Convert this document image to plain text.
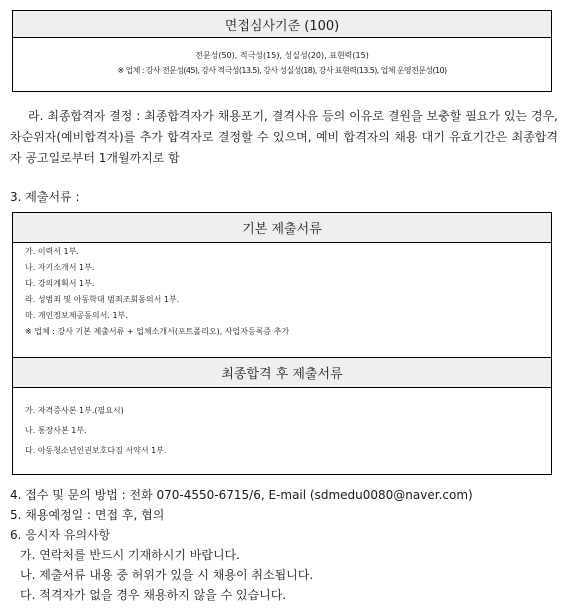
면접심사기준 (100)
전문성(50), 적극성(15), 성실성(20), 표현력(15)
※ 업체 : 강사 전문성(45), 강사 적극성(13.5), 강사 성실성(18), 강사 표현력(13.5), 업체 운영전문성(10)
라. 최종합격자 결정 : 최종합격자가 채용포기, 결격사유 등의 이유로 결원을 보충할 필요가 있는 경우, 차순위자(예비합격자)를 추가 합격자로 결정할 수 있으며, 예비 합격자의 채용 대기 유효기간은 최종합격자 공고일로부터 1개월까지로 함
3. 제출서류 :
기본 제출서류
가. 이력서 1부.
나. 자기소개서 1부.
다. 강의계획서 1부.
라. 성범죄 및 아동학대 범죄조회동의서 1부.
마. 개인정보제공동의서. 1부.
※ 업체 : 강사 기본 제출서류 + 업체소개서(포트폴리오), 사업자등록증 추가
최종합격 후 제출서류
가. 자격증사본 1부.(필요시)
나. 통장사본 1부.
다. 아동청소년인권보호다짐 서약서 1부.
4. 접수 및 문의 방법 : 전화 070-4550-6715/6, E-mail (sdmedu0080@naver.com)
5. 채용예정일 : 면접 후, 협의
6. 응시자 유의사항
가. 연락처를 반드시 기재하시기 바랍니다.
나. 제출서류 내용 중 허위가 있을 시 채용이 취소됩니다.
다. 적격자가 없을 경우 채용하지 않을 수 있습니다.
